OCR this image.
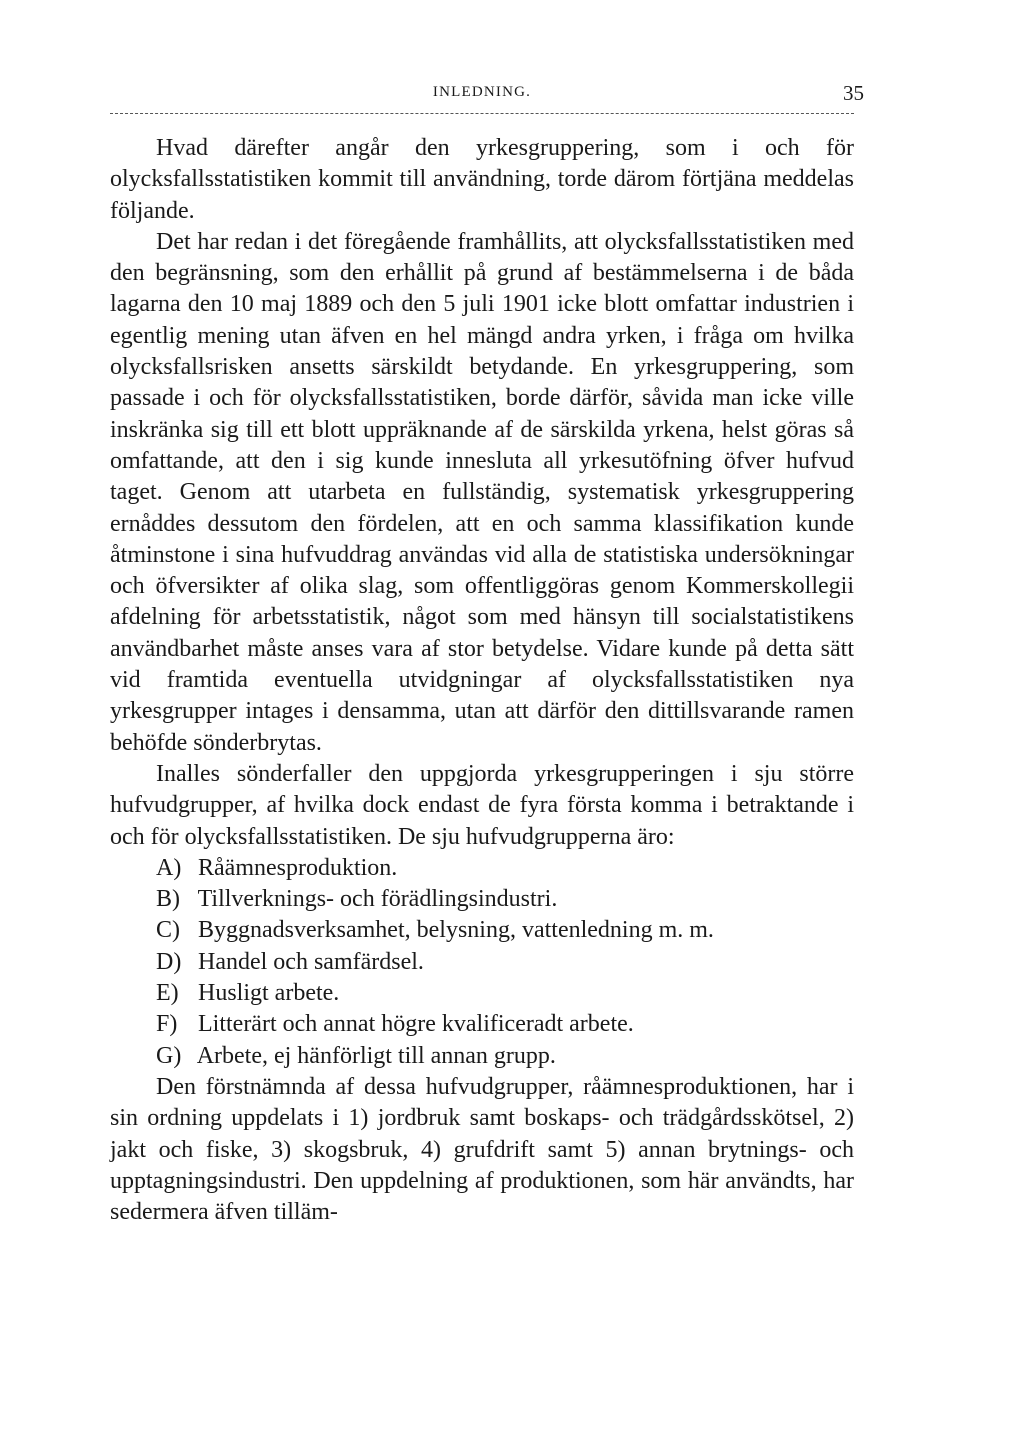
INLEDNING.	35

Hvad därefter angår den yrkesgruppering, som i och för olycksfallsstatistiken kommit till användning, torde därom förtjäna meddelas följande.

Det har redan i det föregående framhållits, att olycksfallsstatistiken med den begränsning, som den erhållit på grund af bestämmelserna i de båda lagarna den 10 maj 1889 och den 5 juli 1901 icke blott omfattar industrien i egentlig mening utan äfven en hel mängd andra yrken, i fråga om hvilka olycksfallsrisken ansetts särskildt betydande. En yrkesgruppering, som passade i och för olycksfallsstatistiken, borde därför, såvida man icke ville inskränka sig till ett blott uppräknande af de särskilda yrkena, helst göras så omfattande, att den i sig kunde innesluta all yrkesutöfning öfver hufvud taget. Genom att utarbeta en fullständig, systematisk yrkesgruppering ernåddes dessutom den fördelen, att en och samma klassifikation kunde åtminstone i sina hufvuddrag användas vid alla de statistiska undersökningar och öfversikter af olika slag, som offentliggöras genom Kommerskollegii afdelning för arbetsstatistik, något som med hänsyn till socialstatistikens användbarhet måste anses vara af stor betydelse. Vidare kunde på detta sätt vid framtida eventuella utvidgningar af olycksfallsstatistiken nya yrkesgrupper intages i densamma, utan att därför den dittillsvarande ramen behöfde sönderbrytas.

Inalles sönderfaller den uppgjorda yrkesgrupperingen i sju större hufvudgrupper, af hvilka dock endast de fyra första komma i betraktande i och för olycksfallsstatistiken. De sju hufvudgrupperna äro:

A) Råämnesproduktion.
B) Tillverknings- och förädlingsindustri.
C) Byggnadsverksamhet, belysning, vattenledning m. m.
D) Handel och samfärdsel.
E) Husligt arbete.
F) Litterärt och annat högre kvalificeradt arbete.
G) Arbete, ej hänförligt till annan grupp.

Den förstnämnda af dessa hufvudgrupper, råämnesproduktionen, har i sin ordning uppdelats i 1) jordbruk samt boskaps- och trädgårdsskötsel, 2) jakt och fiske, 3) skogsbruk, 4) grufdrift samt 5) annan brytnings- och upptagningsindustri. Den uppdelning af produktionen, som här användts, har sedermera äfven tilläm-
